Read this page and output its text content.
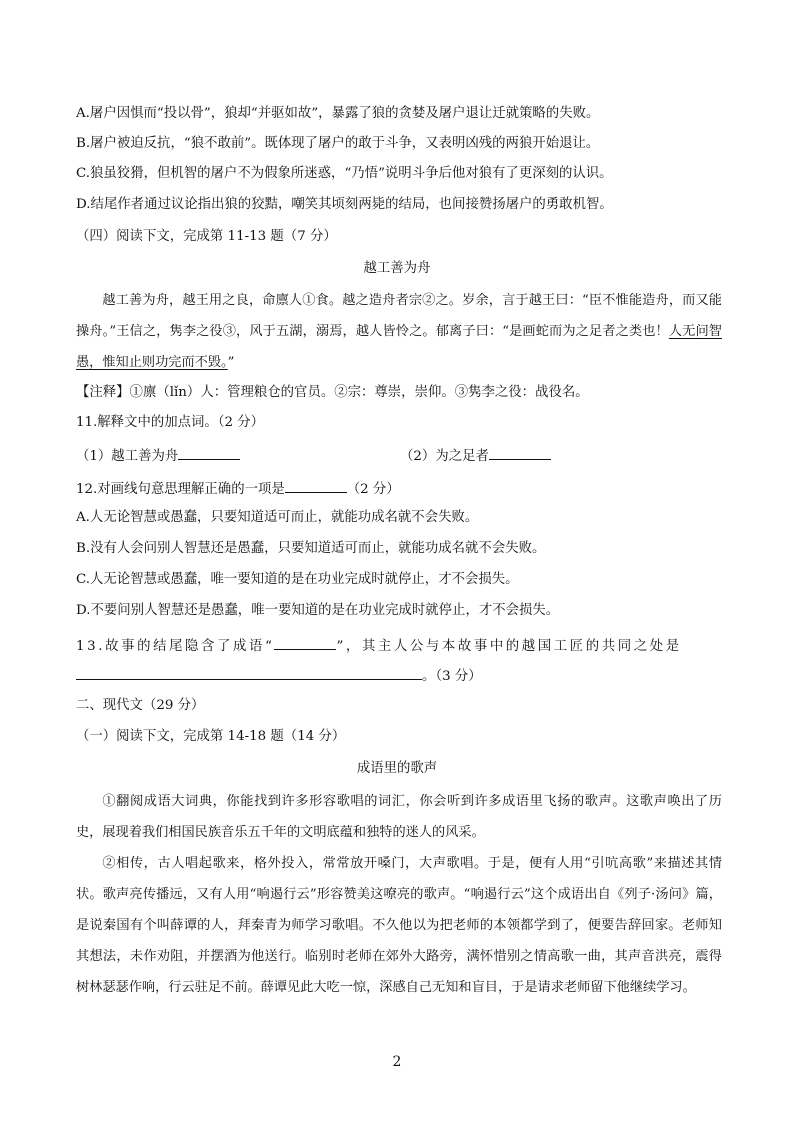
A.屠户因惧而“投以骨”，狼却“并驱如故”，暴露了狼的贪婪及屠户退让迁就策略的失败。
B.屠户被迫反抗，“狼不敢前”。既体现了屠户的敢于斗争，又表明凶残的两狼开始退让。
C.狼虽狡猾，但机智的屠户不为假象所迷惑，“乃悟”说明斗争后他对狼有了更深刻的认识。
D.结尾作者通过议论指出狼的狡黠，嘲笑其顷刻两毙的结局，也间接赞扬屠户的勇敢机智。
（四）阅读下文，完成第 11-13 题（7 分）
越工善为舟

越工善为舟，越王用之良，命廪人①食。越之造舟者宗②之。岁余，言于越王曰：“臣不惟能造舟，而又能操舟。”王信之，隽李之役③，风于五湖，溺焉，越人皆怜之。郁离子曰：“是画蛇而为之足者之类也！人无问智愚，惟知止则功完而不毁。”

【注释】①廪（lǐn）人：管理粮仓的官员。②宗：尊崇，崇仰。③隽李之役：战役名。
11.解释文中的加点词。（2 分）
（1）越工善为舟	（2）为之足者
12.对画线句意思理解正确的一项是	（2 分）
A.人无论智慧或愚蠢，只要知道适可而止，就能功成名就不会失败。
B.没有人会问别人智慧还是愚蠢，只要知道适可而止，就能功成名就不会失败。
C.人无论智慧或愚蠢，唯一要知道的是在功业完成时就停止，才不会损失。
D.不要问别人智慧还是愚蠢，唯一要知道的是在功业完成时就停止，才不会损失。
13.故事的结尾隐含了成语“	”，其主人公与本故事中的越国工匠的共同之处是
。（3 分）
二、现代文（29 分）
（一）阅读下文，完成第 14-18 题（14 分）
成语里的歌声

①翻阅成语大词典，你能找到许多形容歌唱的词汇，你会听到许多成语里飞扬的歌声。这歌声唤出了历史，展现着我们相国民族音乐五千年的文明底蕴和独特的迷人的风采。

②相传，古人唱起歌来，格外投入，常常放开嗓门，大声歌唱。于是，便有人用“引吭高歌”来描述其情状。歌声亮传播远，又有人用“响遏行云”形容赞美这嘹亮的歌声。“响遏行云”这个成语出自《列子·汤问》篇，是说秦国有个叫薛谭的人，拜秦青为师学习歌唱。不久他以为把老师的本领都学到了，便要告辞回家。老师知其想法，未作劝阻，并摆酒为他送行。临别时老师在郊外大路旁，满怀惜别之情高歌一曲，其声音洪亮，震得树林瑟瑟作响，行云驻足不前。薛谭见此大吃一惊，深感自己无知和盲目，于是请求老师留下他继续学习。

2
